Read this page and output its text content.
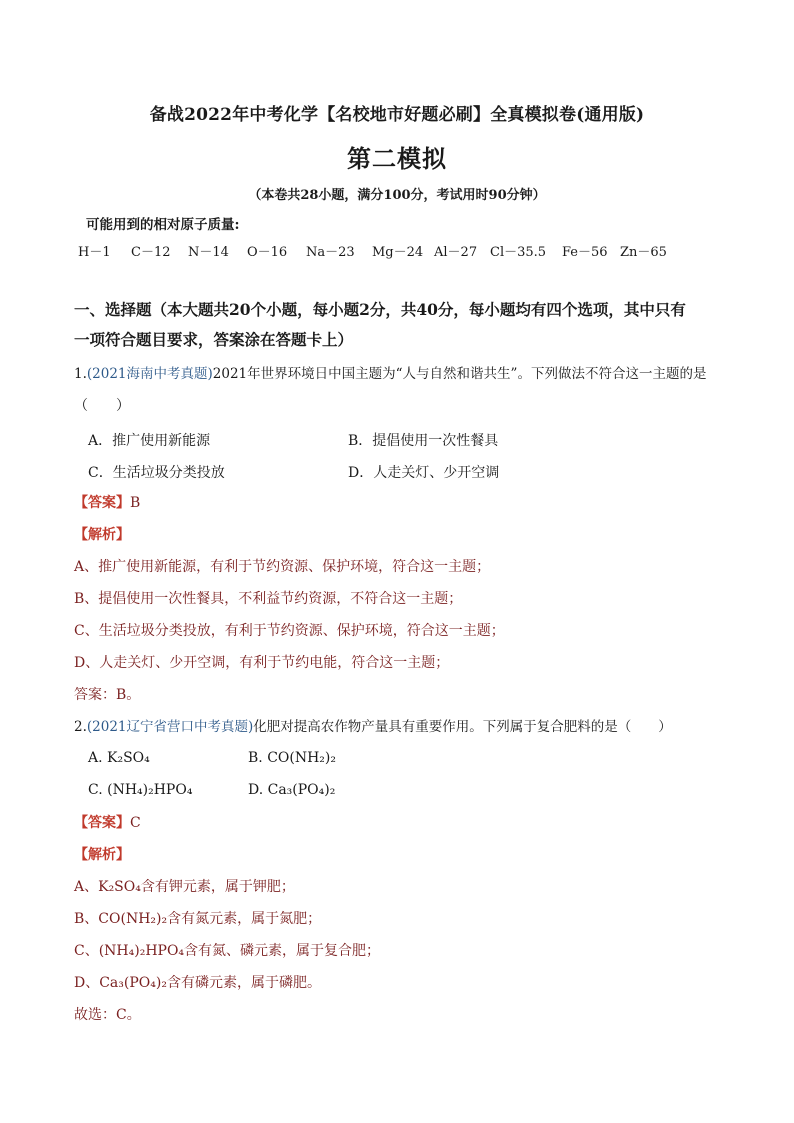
备战2022年中考化学【名校地市好题必刷】全真模拟卷(通用版)
第二模拟
（本卷共28小题，满分100分，考试用时90分钟）
可能用到的相对原子质量:
H－1 C－12 N－14 O－16 Na－23 Mg－24 Al－27 Cl－35.5 Fe－56 Zn－65
一、选择题（本大题共20个小题，每小题2分，共40分，每小题均有四个选项，其中只有
一项符合题目要求，答案涂在答题卡上）
1.(2021海南中考真题)2021年世界环境日中国主题为“人与自然和谐共生”。下列做法不符合这一主题的是
（　　）
A．推广使用新能源	B．提倡使用一次性餐具
C．生活垃圾分类投放	D．人走关灯、少开空调
【答案】B
【解析】
A、推广使用新能源，有利于节约资源、保护环境，符合这一主题；
B、提倡使用一次性餐具，不利益节约资源，不符合这一主题；
C、生活垃圾分类投放，有利于节约资源、保护环境，符合这一主题；
D、人走关灯、少开空调，有利于节约电能，符合这一主题；
答案：B。
2.(2021辽宁省营口中考真题)化肥对提高农作物产量具有重要作用。下列属于复合肥料的是（　　）
A. K₂SO₄	B. CO(NH₂)₂
C. (NH₄)₂HPO₄	D. Ca₃(PO₄)₂
【答案】C
【解析】
A、K₂SO₄含有钾元素，属于钾肥；
B、CO(NH₂)₂含有氮元素，属于氮肥；
C、(NH₄)₂HPO₄含有氮、磷元素，属于复合肥；
D、Ca₃(PO₄)₂含有磷元素，属于磷肥。
故选：C。
